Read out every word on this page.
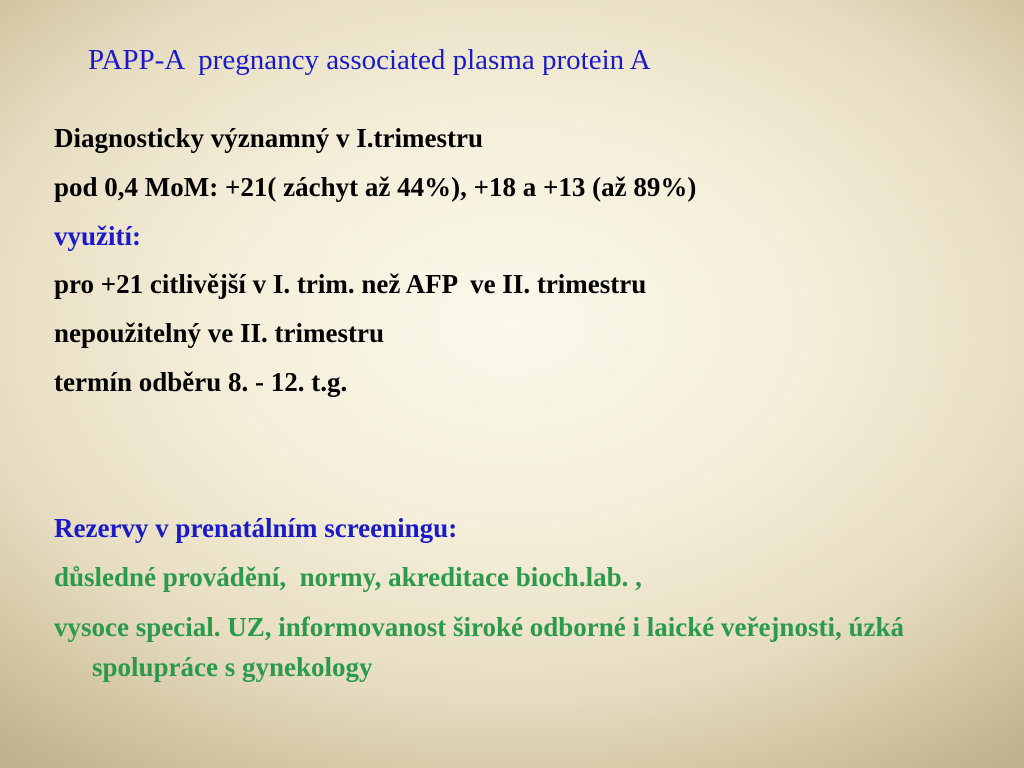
PAPP-A  pregnancy associated plasma protein A
Diagnosticky významný v I.trimestru
pod 0,4 MoM: +21( záchyt až 44%), +18 a +13 (až 89%)
využití:
pro +21 citlivější v I. trim. než AFP  ve II. trimestru
nepoužitelný ve II. trimestru
termín odběru 8. - 12. t.g.
Rezervy v prenatálním screeningu:
důsledné provádění,  normy, akreditace bioch.lab. ,
vysoce special. UZ, informovanost široké odborné i laické veřejnosti, úzká spolupráce s gynekology
